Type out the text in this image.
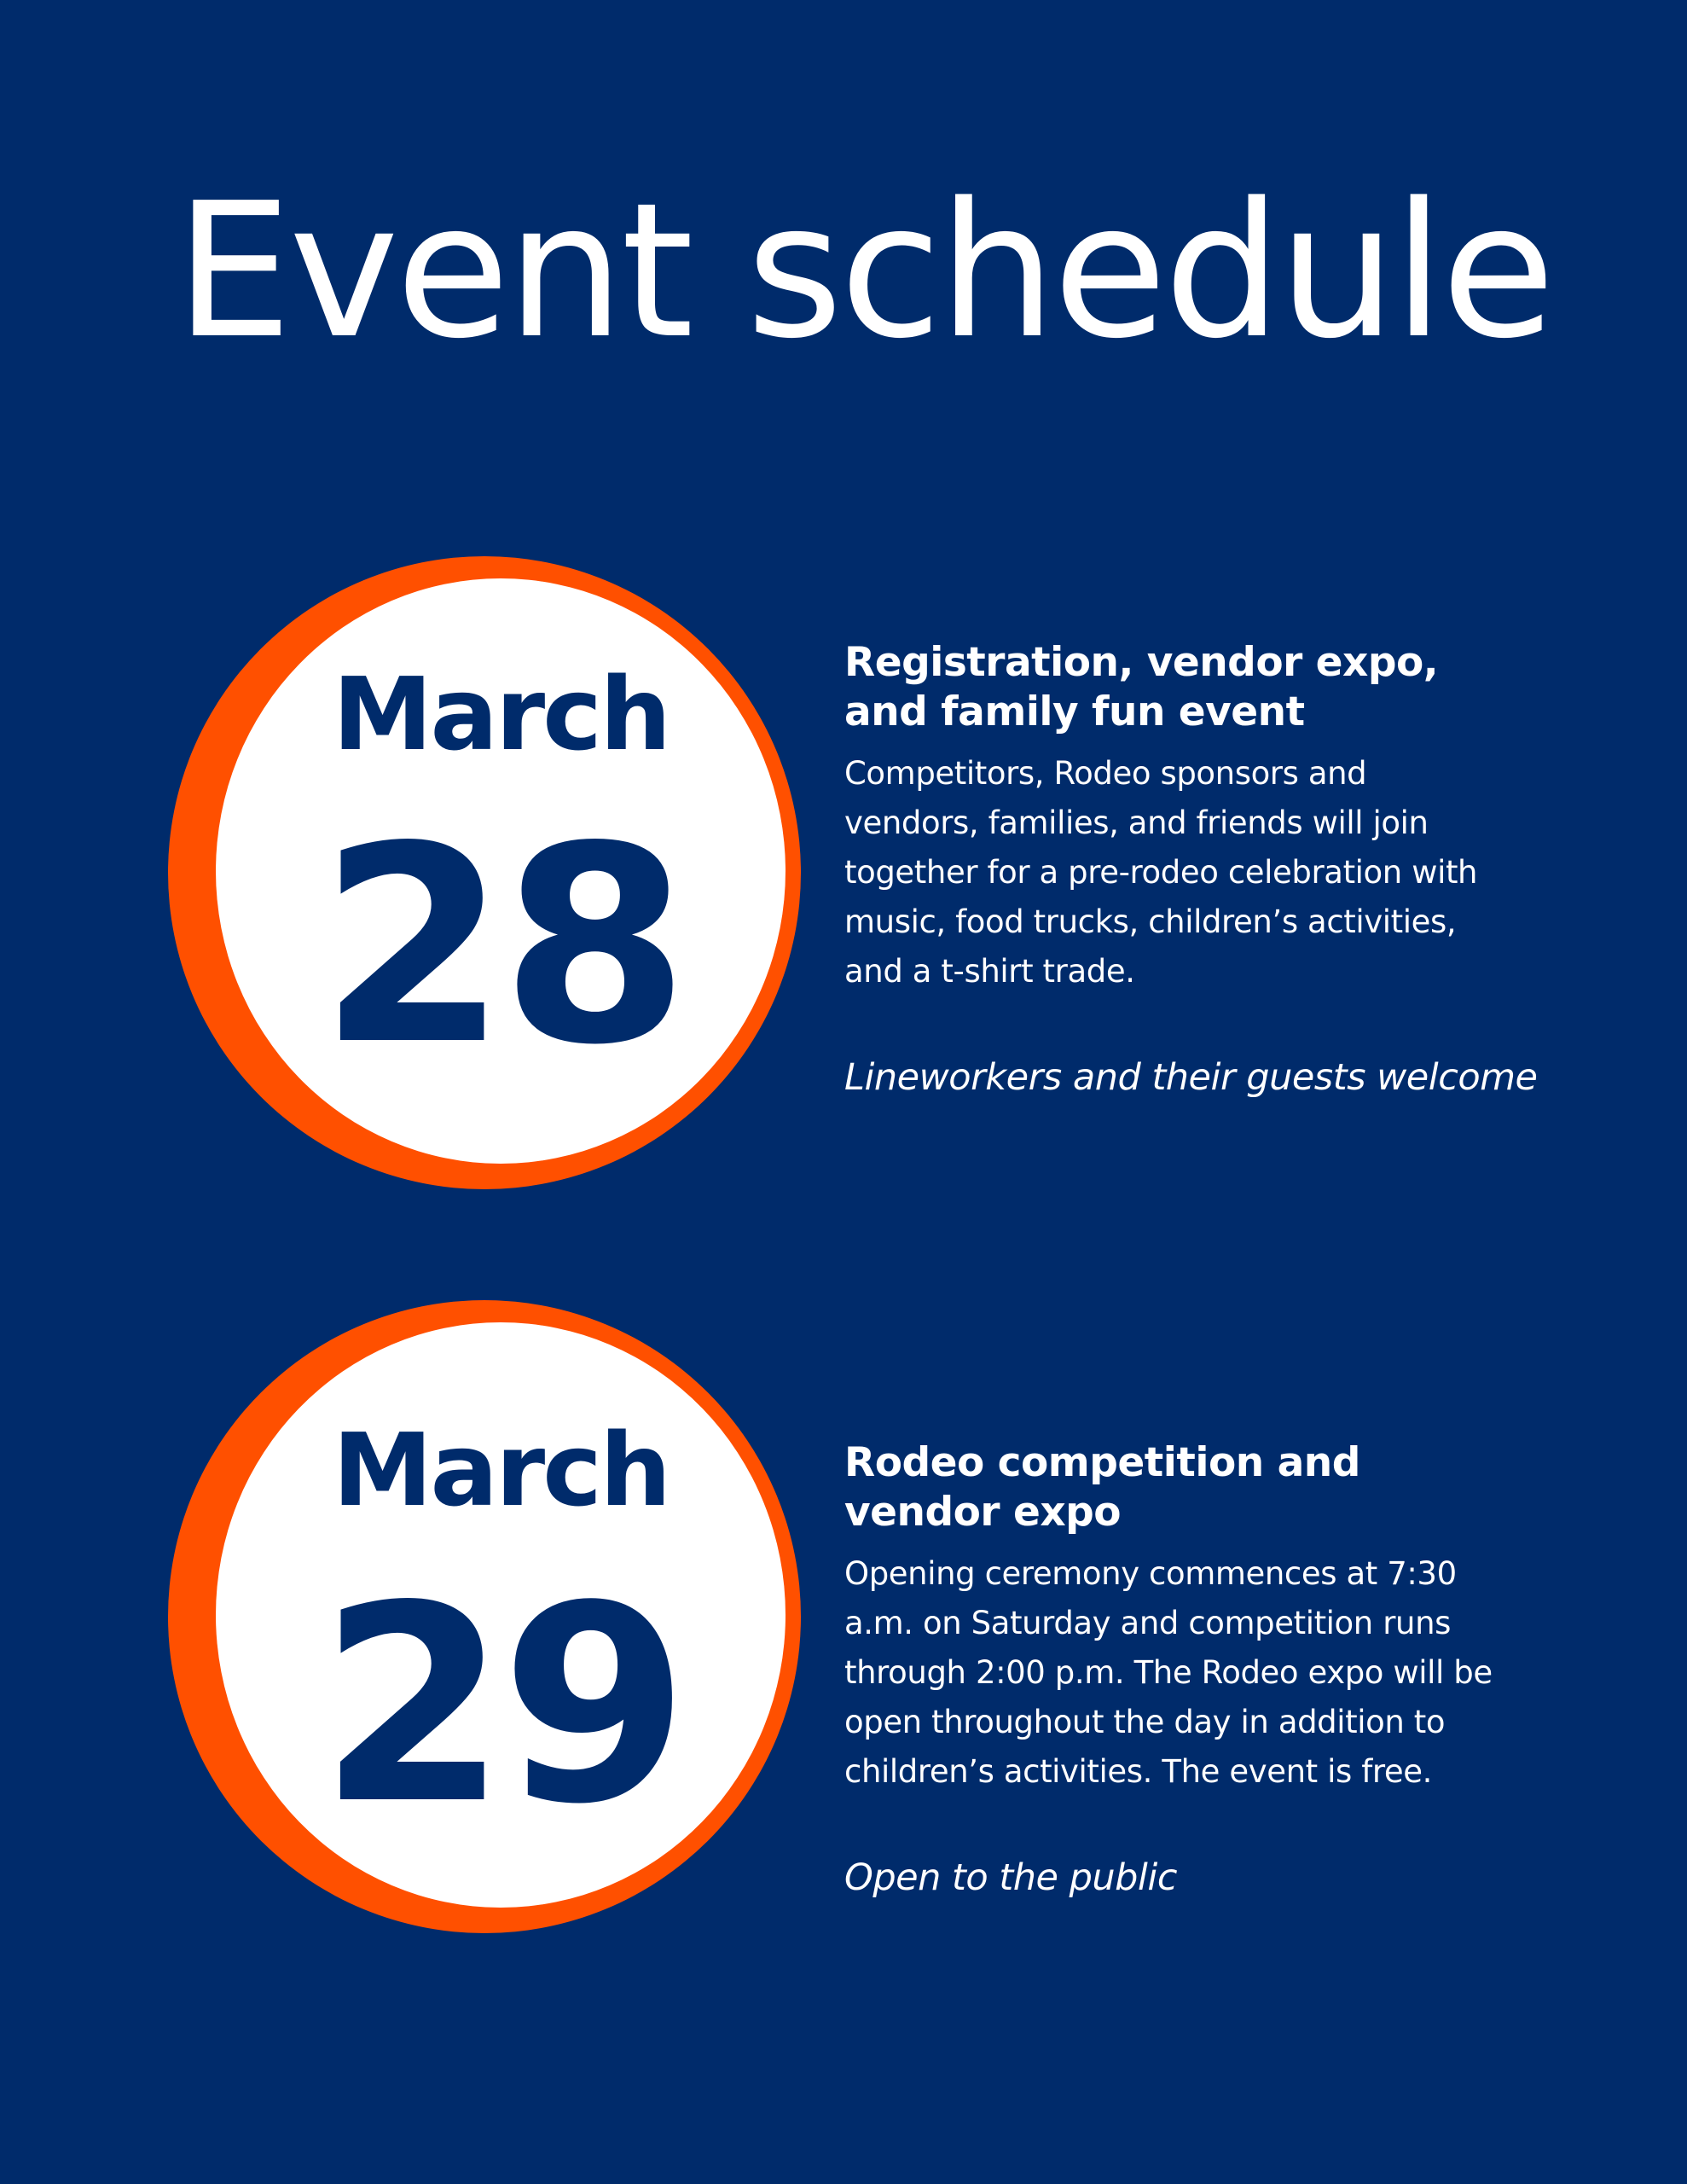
Event schedule
March
28
Registration, vendor expo, and family fun event

Competitors, Rodeo sponsors and vendors, families, and friends will join together for a pre-rodeo celebration with music, food trucks, children’s activities, and a t-shirt trade.

Lineworkers and their guests welcome

March
29
Rodeo competition and vendor expo

Opening ceremony commences at 7:30 a.m. on Saturday and competition runs through 2:00 p.m. The Rodeo expo will be open throughout the day in addition to children’s activities. The event is free.

Open to the public
